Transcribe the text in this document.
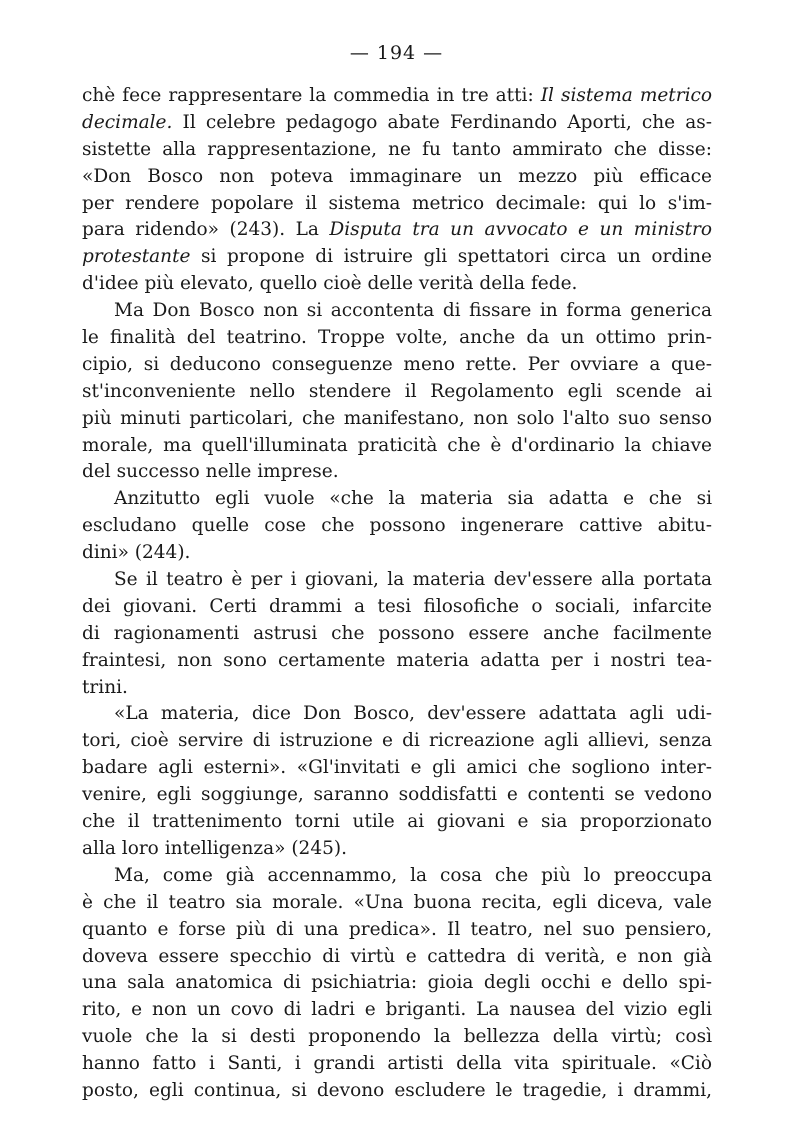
— 194 —
chè fece rappresentare la commedia in tre atti: Il sistema metrico
decimale. Il celebre pedagogo abate Ferdinando Aporti, che as-
sistette alla rappresentazione, ne fu tanto ammirato che disse:
«Don Bosco non poteva immaginare un mezzo più efficace
per rendere popolare il sistema metrico decimale: qui lo s'im-
para ridendo» (243). La Disputa tra un avvocato e un ministro
protestante si propone di istruire gli spettatori circa un ordine
d'idee più elevato, quello cioè delle verità della fede.
Ma Don Bosco non si accontenta di fissare in forma generica
le finalità del teatrino. Troppe volte, anche da un ottimo prin-
cipio, si deducono conseguenze meno rette. Per ovviare a que-
st'inconveniente nello stendere il Regolamento egli scende ai
più minuti particolari, che manifestano, non solo l'alto suo senso
morale, ma quell'illuminata praticità che è d'ordinario la chiave
del successo nelle imprese.
Anzitutto egli vuole «che la materia sia adatta e che si
escludano quelle cose che possono ingenerare cattive abitu-
dini» (244).
Se il teatro è per i giovani, la materia dev'essere alla portata
dei giovani. Certi drammi a tesi filosofiche o sociali, infarcite
di ragionamenti astrusi che possono essere anche facilmente
fraintesi, non sono certamente materia adatta per i nostri tea-
trini.
«La materia, dice Don Bosco, dev'essere adattata agli udi-
tori, cioè servire di istruzione e di ricreazione agli allievi, senza
badare agli esterni». «Gl'invitati e gli amici che sogliono inter-
venire, egli soggiunge, saranno soddisfatti e contenti se vedono
che il trattenimento torni utile ai giovani e sia proporzionato
alla loro intelligenza» (245).
Ma, come già accennammo, la cosa che più lo preoccupa
è che il teatro sia morale. «Una buona recita, egli diceva, vale
quanto e forse più di una predica». Il teatro, nel suo pensiero,
doveva essere specchio di virtù e cattedra di verità, e non già
una sala anatomica di psichiatria: gioia degli occhi e dello spi-
rito, e non un covo di ladri e briganti. La nausea del vizio egli
vuole che la si desti proponendo la bellezza della virtù; così
hanno fatto i Santi, i grandi artisti della vita spirituale. «Ciò
posto, egli continua, si devono escludere le tragedie, i drammi,
